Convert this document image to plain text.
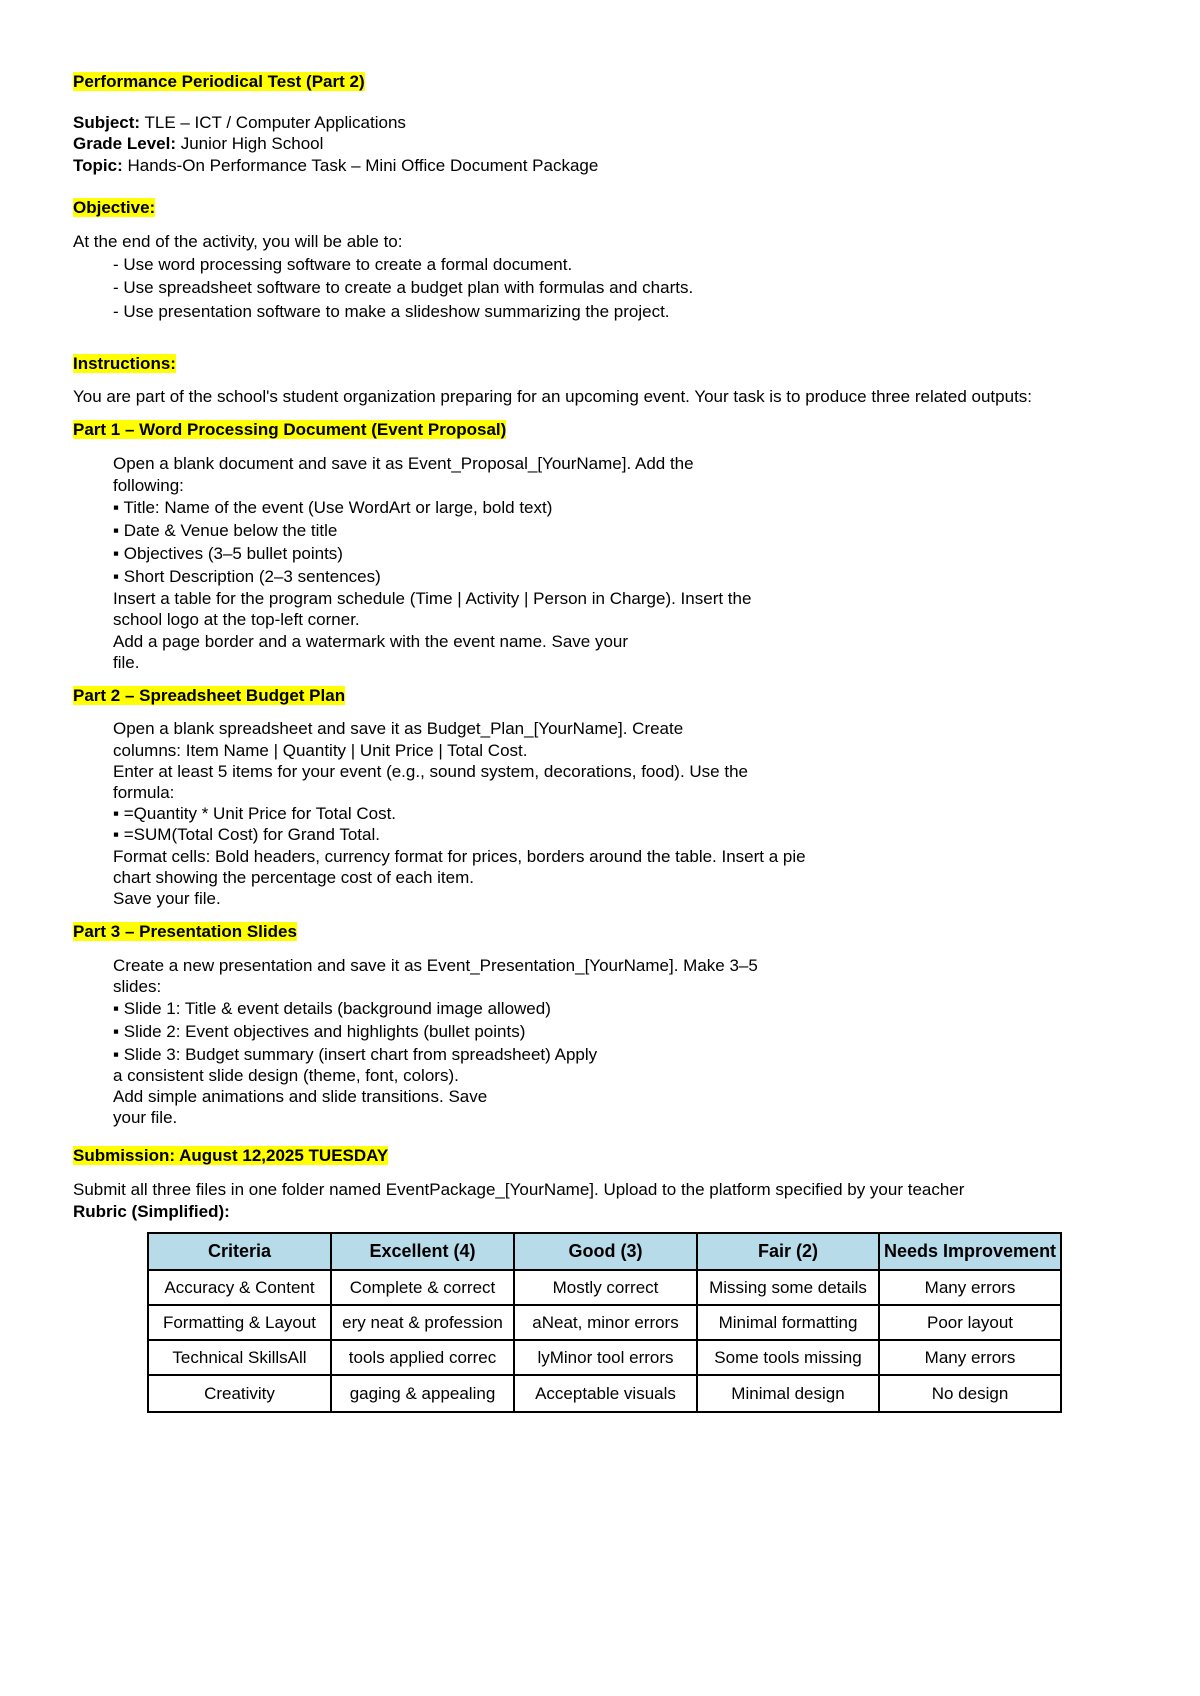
Performance Periodical Test (Part 2)
Subject: TLE – ICT / Computer Applications
Grade Level: Junior High School
Topic: Hands-On Performance Task – Mini Office Document Package
Objective:
At the end of the activity, you will be able to:
- Use word processing software to create a formal document.
- Use spreadsheet software to create a budget plan with formulas and charts.
- Use presentation software to make a slideshow summarizing the project.
Instructions:
You are part of the school's student organization preparing for an upcoming event. Your task is to produce three related outputs:
Part 1 – Word Processing Document (Event Proposal)
Open a blank document and save it as Event_Proposal_[YourName]. Add the
following:
▪ Title: Name of the event (Use WordArt or large, bold text)
▪ Date & Venue below the title
▪ Objectives (3–5 bullet points)
▪ Short Description (2–3 sentences)
Insert a table for the program schedule (Time | Activity | Person in Charge). Insert the
school logo at the top-left corner.
Add a page border and a watermark with the event name. Save your
file.
Part 2 – Spreadsheet Budget Plan
Open a blank spreadsheet and save it as Budget_Plan_[YourName]. Create
columns: Item Name | Quantity | Unit Price | Total Cost.
Enter at least 5 items for your event (e.g., sound system, decorations, food). Use the
formula:
▪ =Quantity * Unit Price for Total Cost.
▪ =SUM(Total Cost) for Grand Total.
Format cells: Bold headers, currency format for prices, borders around the table. Insert a pie
chart showing the percentage cost of each item.
Save your file.
Part 3 – Presentation Slides
Create a new presentation and save it as Event_Presentation_[YourName]. Make 3–5
slides:
▪ Slide 1: Title & event details (background image allowed)
▪ Slide 2: Event objectives and highlights (bullet points)
▪ Slide 3: Budget summary (insert chart from spreadsheet) Apply
a consistent slide design (theme, font, colors).
Add simple animations and slide transitions. Save
your file.
Submission: August 12,2025 TUESDAY
Submit all three files in one folder named EventPackage_[YourName]. Upload to the platform specified by your teacher
Rubric (Simplified):
Criteria	Excellent (4)	Good (3)	Fair (2)	Needs Improvement
Accuracy & Content	Complete & correct	Mostly correct	Missing some details	Many errors
Formatting & Layout	ery neat & profession	aNeat, minor errors	Minimal formatting	Poor layout
Technical SkillsAll	tools applied correc	lyMinor tool errors	Some tools missing	Many errors
Creativity	gaging & appealing	Acceptable visuals	Minimal design	No design
